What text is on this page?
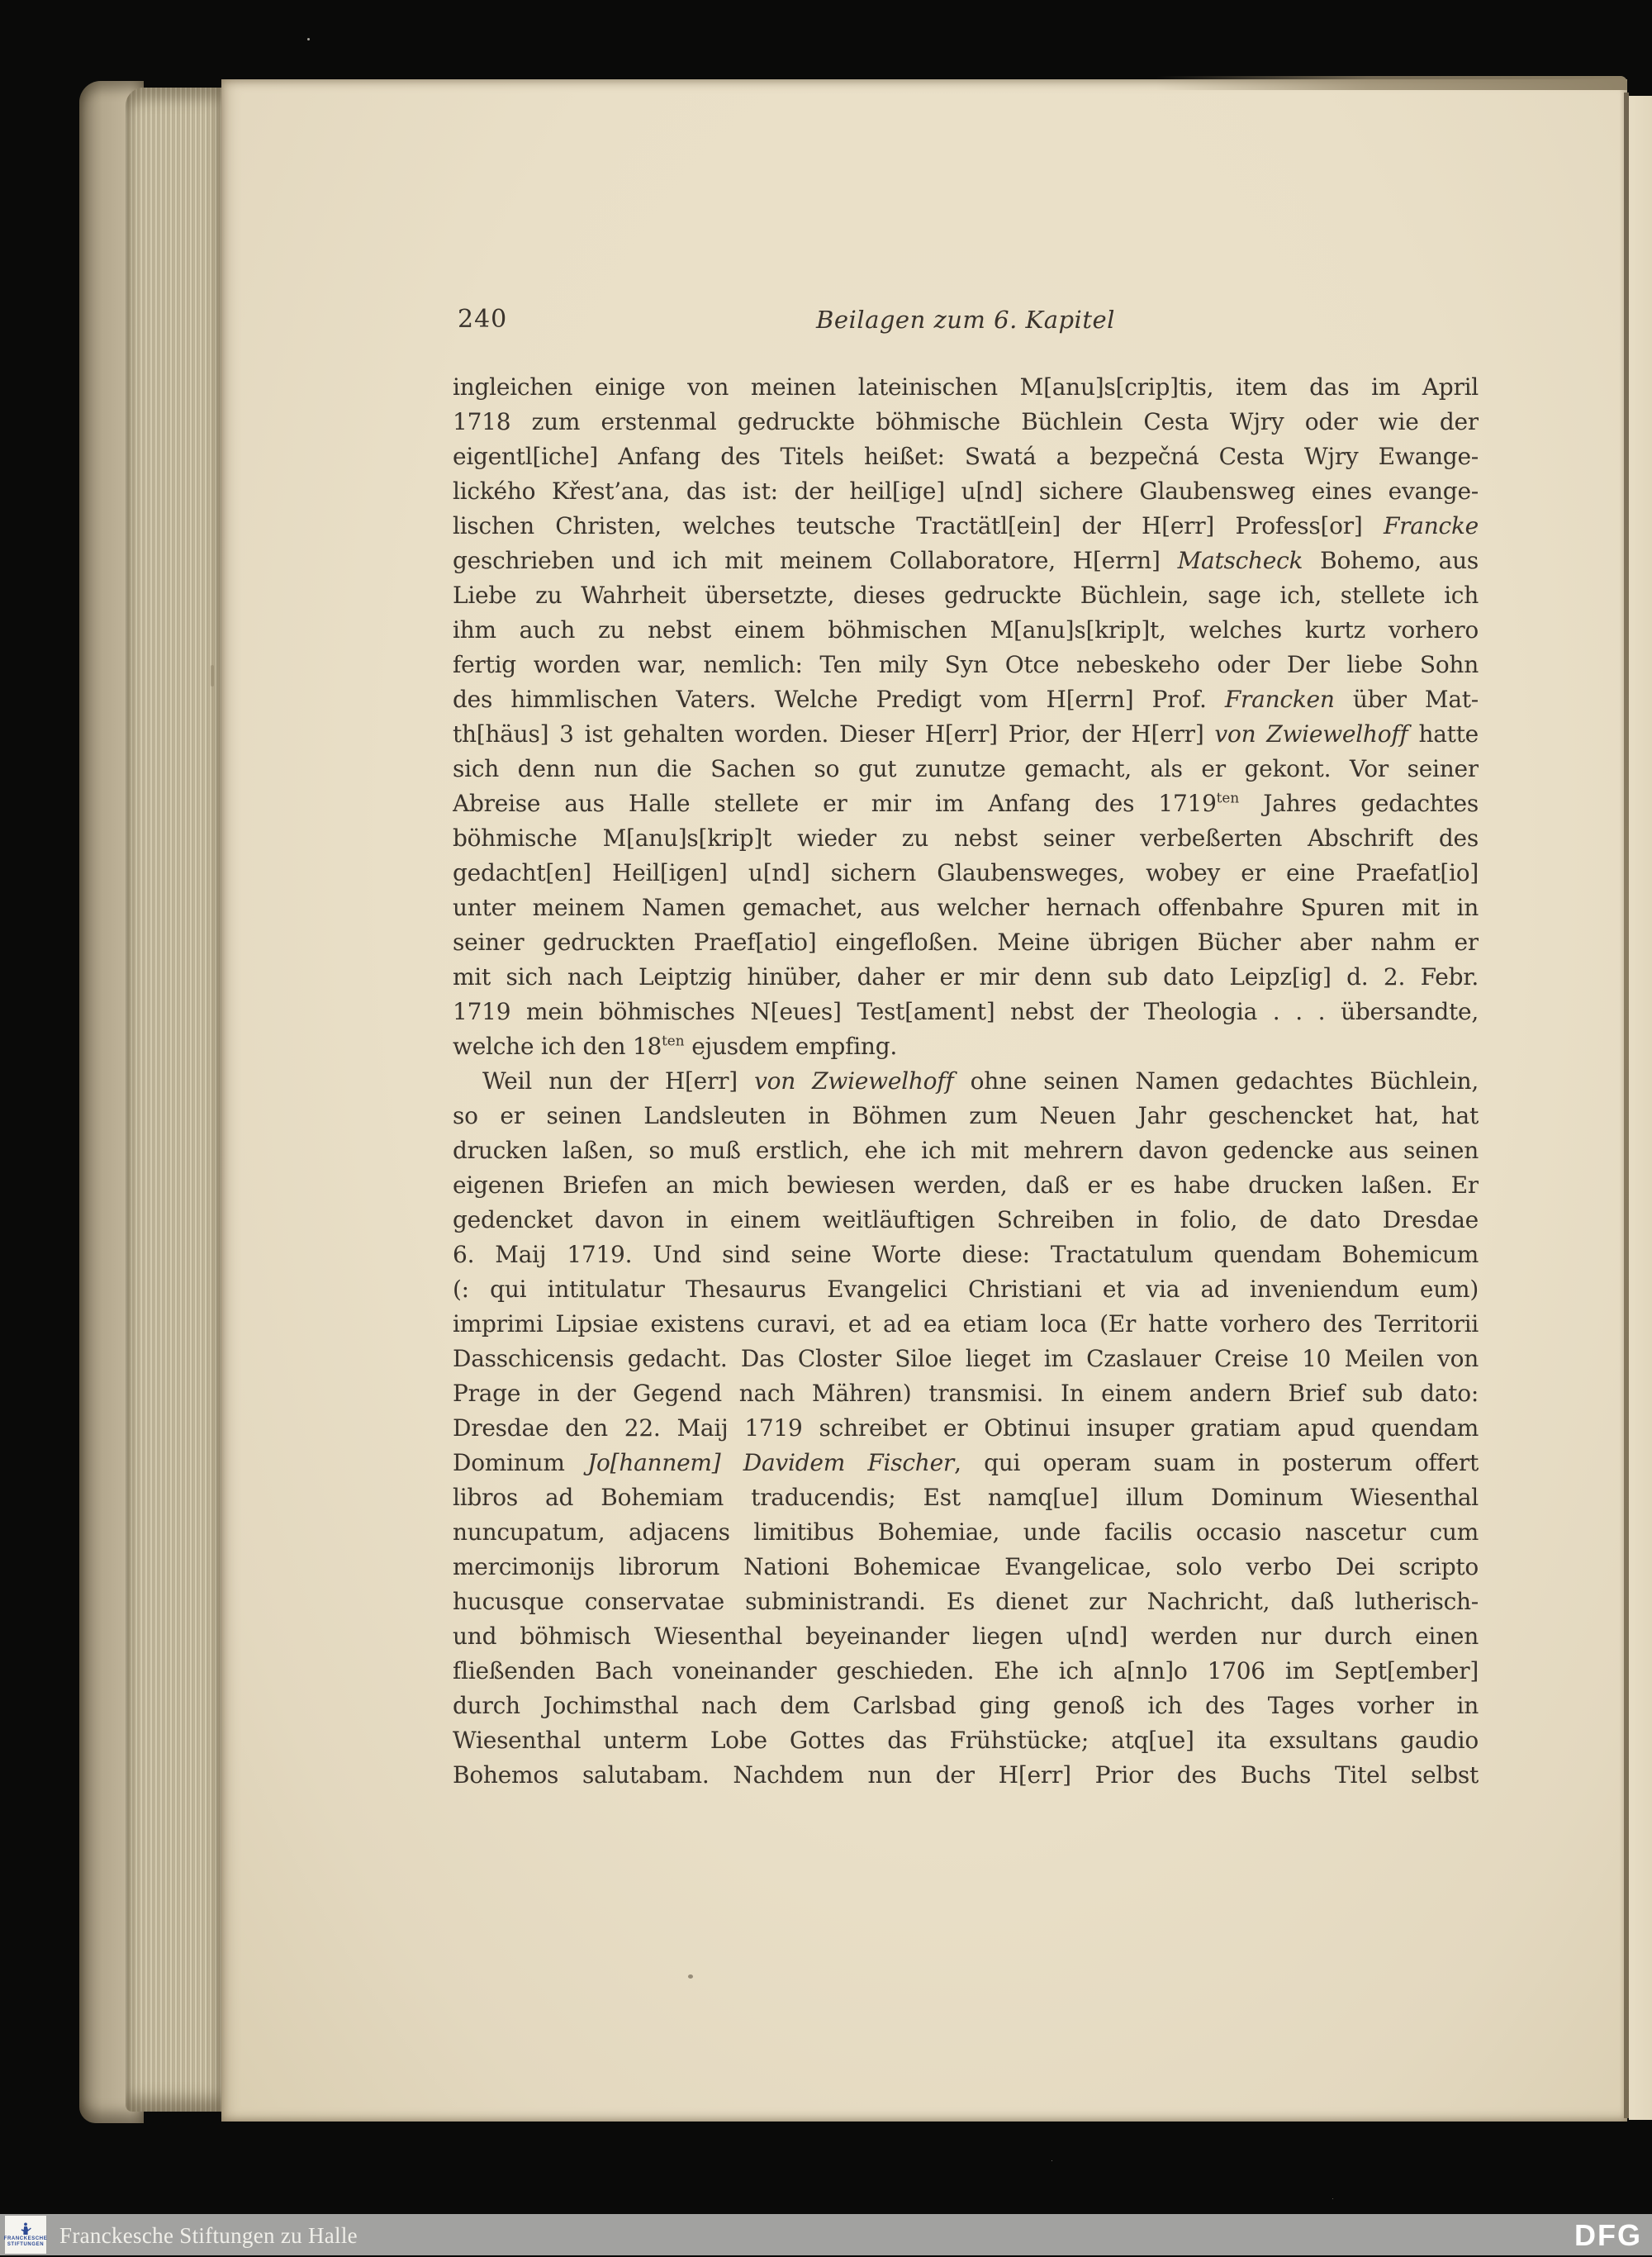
240	Beilagen zum 6. Kapitel
ingleichen einige von meinen lateinischen M[anu]s[crip]tis, item das im April
1718 zum erstenmal gedruckte böhmische Büchlein Cesta Wjry oder wie der
eigentl[iche] Anfang des Titels heißet: Swatá a bezpečná Cesta Wjry Ewange-
lického Křest’ana, das ist: der heil[ige] u[nd] sichere Glaubensweg eines evange-
lischen Christen, welches teutsche Tractätl[ein] der H[err] Profess[or] Francke
geschrieben und ich mit meinem Collaboratore, H[errn] Matscheck Bohemo, aus
Liebe zu Wahrheit übersetzte, dieses gedruckte Büchlein, sage ich, stellete ich
ihm auch zu nebst einem böhmischen M[anu]s[krip]t, welches kurtz vorhero
fertig worden war, nemlich: Ten mily Syn Otce nebeskeho oder Der liebe Sohn
des himmlischen Vaters. Welche Predigt vom H[errn] Prof. Francken über Mat-
th[häus] 3 ist gehalten worden. Dieser H[err] Prior, der H[err] von Zwiewelhoff hatte
sich denn nun die Sachen so gut zunutze gemacht, als er gekont. Vor seiner
Abreise aus Halle stellete er mir im Anfang des $1719^{ten}$ Jahres gedachtes
böhmische M[anu]s[krip]t wieder zu nebst seiner verbeßerten Abschrift des
gedacht[en] Heil[igen] u[nd] sichern Glaubensweges, wobey er eine Praefat[io]
unter meinem Namen gemachet, aus welcher hernach offenbahre Spuren mit in
seiner gedruckten Praef[atio] eingefloßen. Meine übrigen Bücher aber nahm er
mit sich nach Leiptzig hinüber, daher er mir denn sub dato Leipz[ig] d. 2. Febr.
1719 mein böhmisches N[eues] Test[ament] nebst der Theologia . . . übersandte,
welche ich den $18^{ten}$ ejusdem empfing.
Weil nun der H[err] von Zwiewelhoff ohne seinen Namen gedachtes Büchlein,
so er seinen Landsleuten in Böhmen zum Neuen Jahr geschencket hat, hat
drucken laßen, so muß erstlich, ehe ich mit mehrern davon gedencke aus seinen
eigenen Briefen an mich bewiesen werden, daß er es habe drucken laßen. Er
gedencket davon in einem weitläuftigen Schreiben in folio, de dato Dresdae
6. Maij 1719. Und sind seine Worte diese: Tractatulum quendam Bohemicum
(: qui intitulatur Thesaurus Evangelici Christiani et via ad inveniendum eum)
imprimi Lipsiae existens curavi, et ad ea etiam loca (Er hatte vorhero des Territorii
Dasschicensis gedacht. Das Closter Siloe lieget im Czaslauer Creise 10 Meilen von
Prage in der Gegend nach Mähren) transmisi. In einem andern Brief sub dato:
Dresdae den 22. Maij 1719 schreibet er Obtinui insuper gratiam apud quendam
Dominum Jo[hannem] Davidem Fischer, qui operam suam in posterum offert
libros ad Bohemiam traducendis; Est namq[ue] illum Dominum Wiesenthal
nuncupatum, adjacens limitibus Bohemiae, unde facilis occasio nascetur cum
mercimonijs librorum Nationi Bohemicae Evangelicae, solo verbo Dei scripto
hucusque conservatae subministrandi. Es dienet zur Nachricht, daß lutherisch-
und böhmisch Wiesenthal beyeinander liegen u[nd] werden nur durch einen
fließenden Bach voneinander geschieden. Ehe ich a[nn]o 1706 im Sept[ember]
durch Jochimsthal nach dem Carlsbad ging genoß ich des Tages vorher in
Wiesenthal unterm Lobe Gottes das Frühstücke; atq[ue] ita exsultans gaudio
Bohemos salutabam. Nachdem nun der H[err] Prior des Buchs Titel selbst
FRANCKESCHE
STIFTUNGEN Franckesche Stiftungen zu Halle	DFG
